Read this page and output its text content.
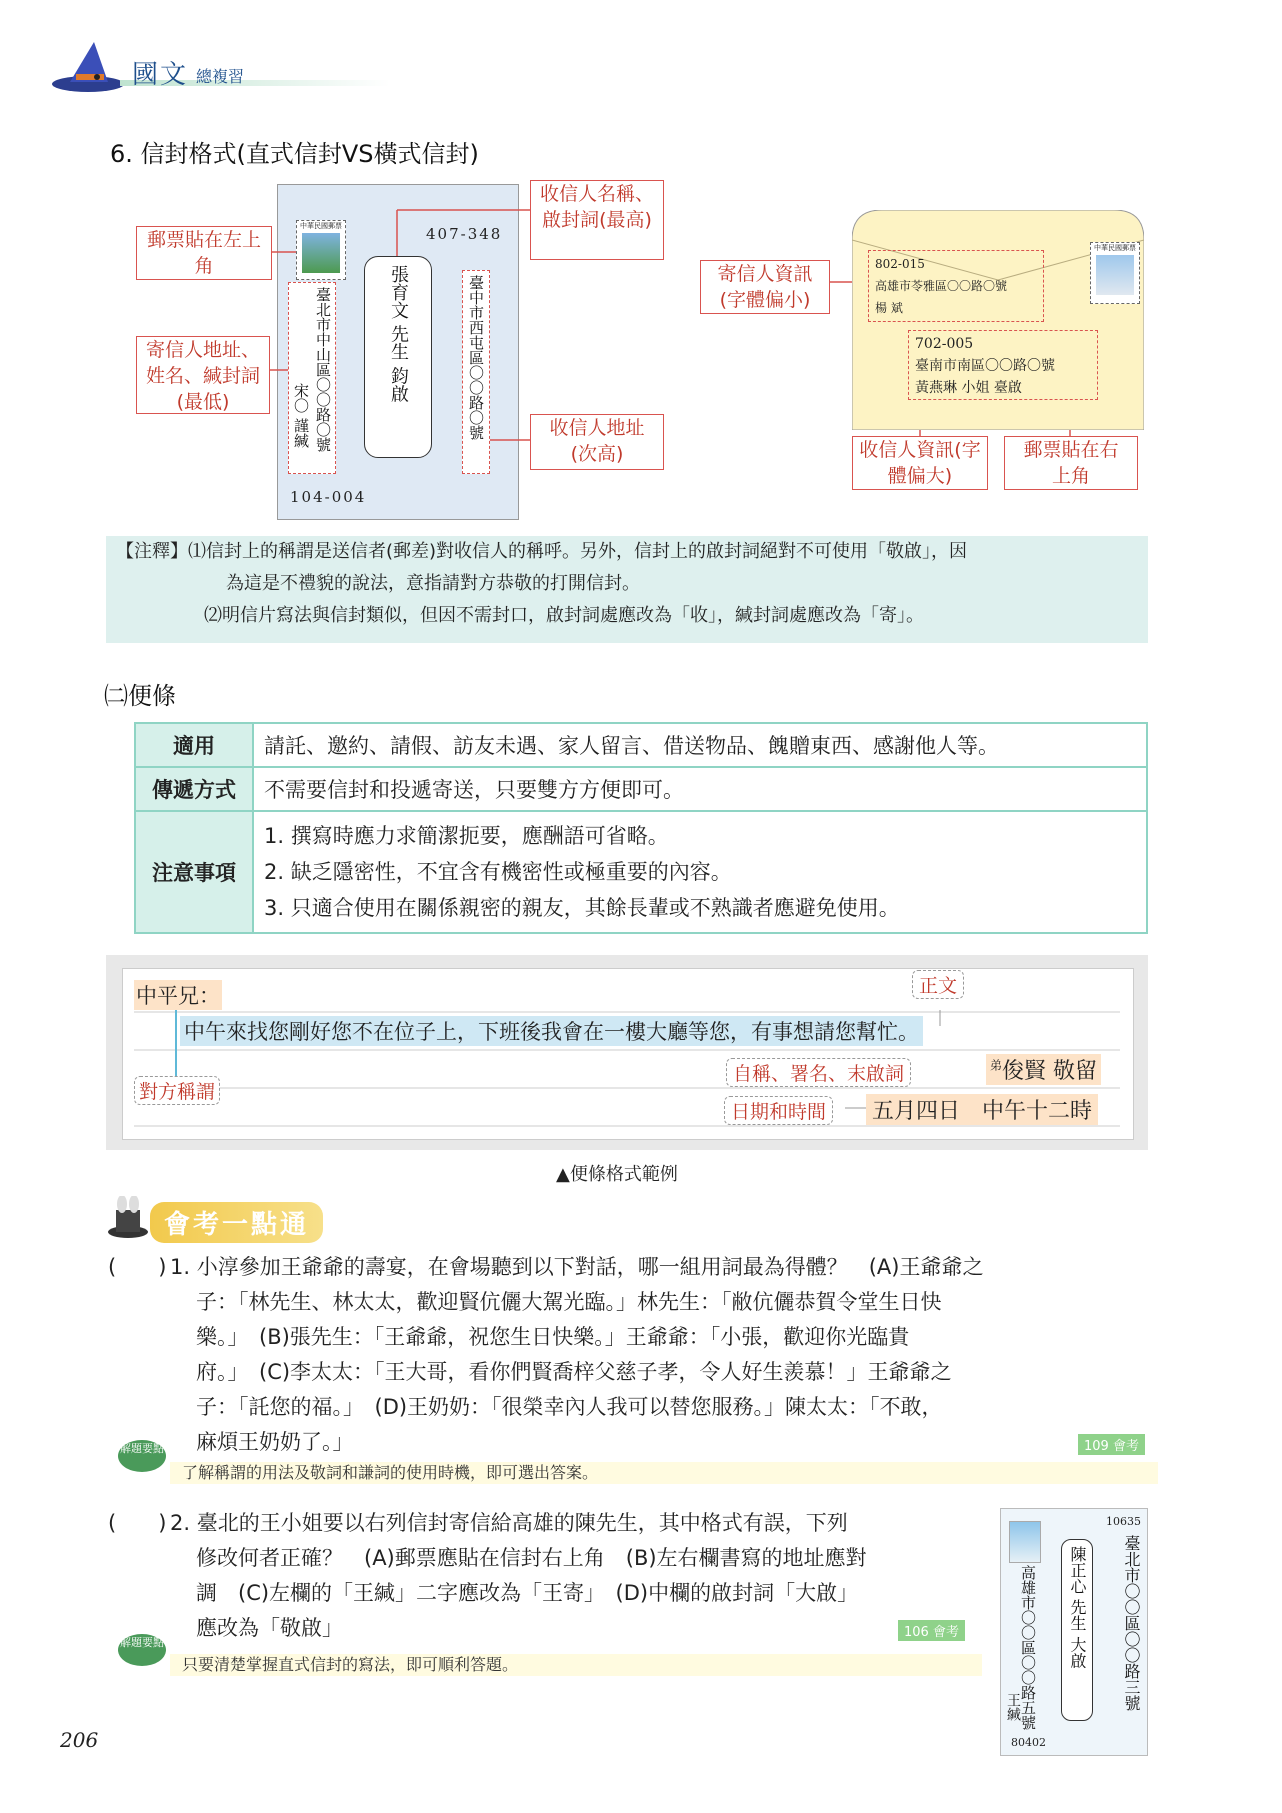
國文 總複習
6. 信封格式(直式信封VS橫式信封)
郵票貼在左上角
寄信人地址、姓名、緘封詞(最低)
收信人名稱、啟封詞(最高)
收信人地址(次高)
中華民國郵票	407-348
臺中市西屯區〇〇路〇號
張育文 先生 鈞啟
臺北市中山區〇〇路〇號
宋〇 謹緘
104-004
寄信人資訊(字體偏小)
收信人資訊(字體偏大)
郵票貼在右上角
802-015
高雄市苓雅區〇〇路〇號
楊 斌
702-005
臺南市南區〇〇路〇號
黃燕琳 小姐 臺啟
中華民國郵票

【注釋】⑴信封上的稱謂是送信者(郵差)對收信人的稱呼。另外，信封上的啟封詞絕對不可使用「敬啟」，因

為這是不禮貌的說法，意指請對方恭敬的打開信封。

⑵明信片寫法與信封類似，但因不需封口，啟封詞處應改為「收」，緘封詞處應改為「寄」。

㈡便條
適用	請託、邀約、請假、訪友未遇、家人留言、借送物品、餽贈東西、感謝他人等。
傳遞方式	不需要信封和投遞寄送，只要雙方方便即可。
注意事項	1. 撰寫時應力求簡潔扼要，應酬語可省略。
2. 缺乏隱密性，不宜含有機密性或極重要的內容。
3. 只適合使用在關係親密的親友，其餘長輩或不熟識者應避免使用。
中平兄：	正文
中午來找您剛好您不在位子上，下班後我會在一樓大廳等您，有事想請您幫忙。
對方稱謂
自稱、署名、末啟詞	$^弟$俊賢 敬留
日期和時間	五月四日　中午十二時
▲便條格式範例
會考一點通
(　　) 1. 小淳參加王爺爺的壽宴，在會場聽到以下對話，哪一組用詞最為得體？　(A)王爺爺之
子：「林先生、林太太，歡迎賢伉儷大駕光臨。」林先生：「敝伉儷恭賀令堂生日快
樂。」　(B)張先生：「王爺爺，祝您生日快樂。」王爺爺：「小張，歡迎你光臨貴
府。」　(C)李太太：「王大哥，看你們賢喬梓父慈子孝，令人好生羨慕！」王爺爺之
子：「託您的福。」　(D)王奶奶：「很榮幸內人我可以替您服務。」陳太太：「不敢，
麻煩王奶奶了。」	109 會考
解題要點
了解稱謂的用法及敬詞和謙詞的使用時機，即可選出答案。
(　　) 2. 臺北的王小姐要以右列信封寄信給高雄的陳先生，其中格式有誤，下列
修改何者正確？　(A)郵票應貼在信封右上角　(B)左右欄書寫的地址應對
調　(C)左欄的「王緘」二字應改為「王寄」　(D)中欄的啟封詞「大啟」
應改為「敬啟」	106 會考
解題要點
只要清楚掌握直式信封的寫法，即可順利答題。
10635
臺北市〇〇區〇〇路三號
陳正心 先生 大啟
高雄市〇〇區〇〇路五號
王緘
80402
206
